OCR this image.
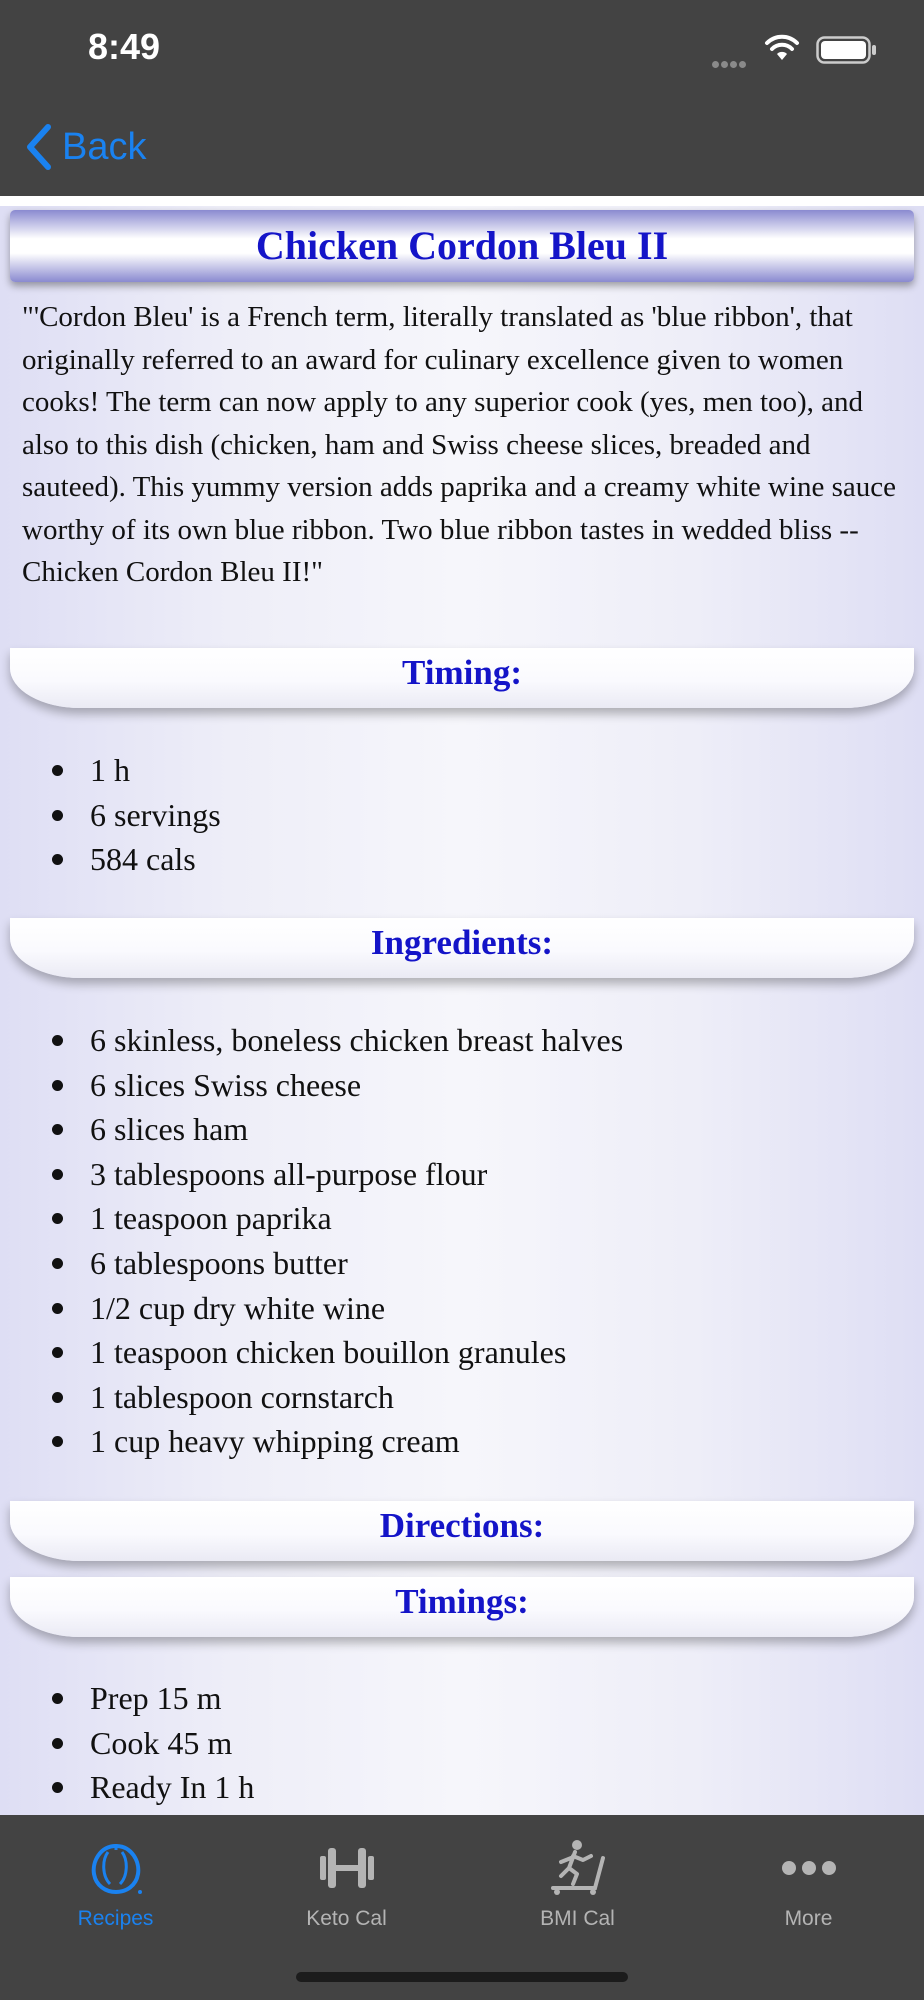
8:49
Back
Chicken Cordon Bleu II
"'Cordon Bleu' is a French term, literally translated as 'blue ribbon', that originally referred to an award for culinary excellence given to women cooks! The term can now apply to any superior cook (yes, men too), and also to this dish (chicken, ham and Swiss cheese slices, breaded and sauteed). This yummy version adds paprika and a creamy white wine sauce worthy of its own blue ribbon. Two blue ribbon tastes in wedded bliss -- Chicken Cordon Bleu II!"
Timing:
1 h
6 servings
584 cals
Ingredients:
6 skinless, boneless chicken breast halves
6 slices Swiss cheese
6 slices ham
3 tablespoons all-purpose flour
1 teaspoon paprika
6 tablespoons butter
1/2 cup dry white wine
1 teaspoon chicken bouillon granules
1 tablespoon cornstarch
1 cup heavy whipping cream
Directions:
Timings:
Prep 15 m
Cook 45 m
Ready In 1 h
Recipes	Keto Cal	BMI Cal	More
